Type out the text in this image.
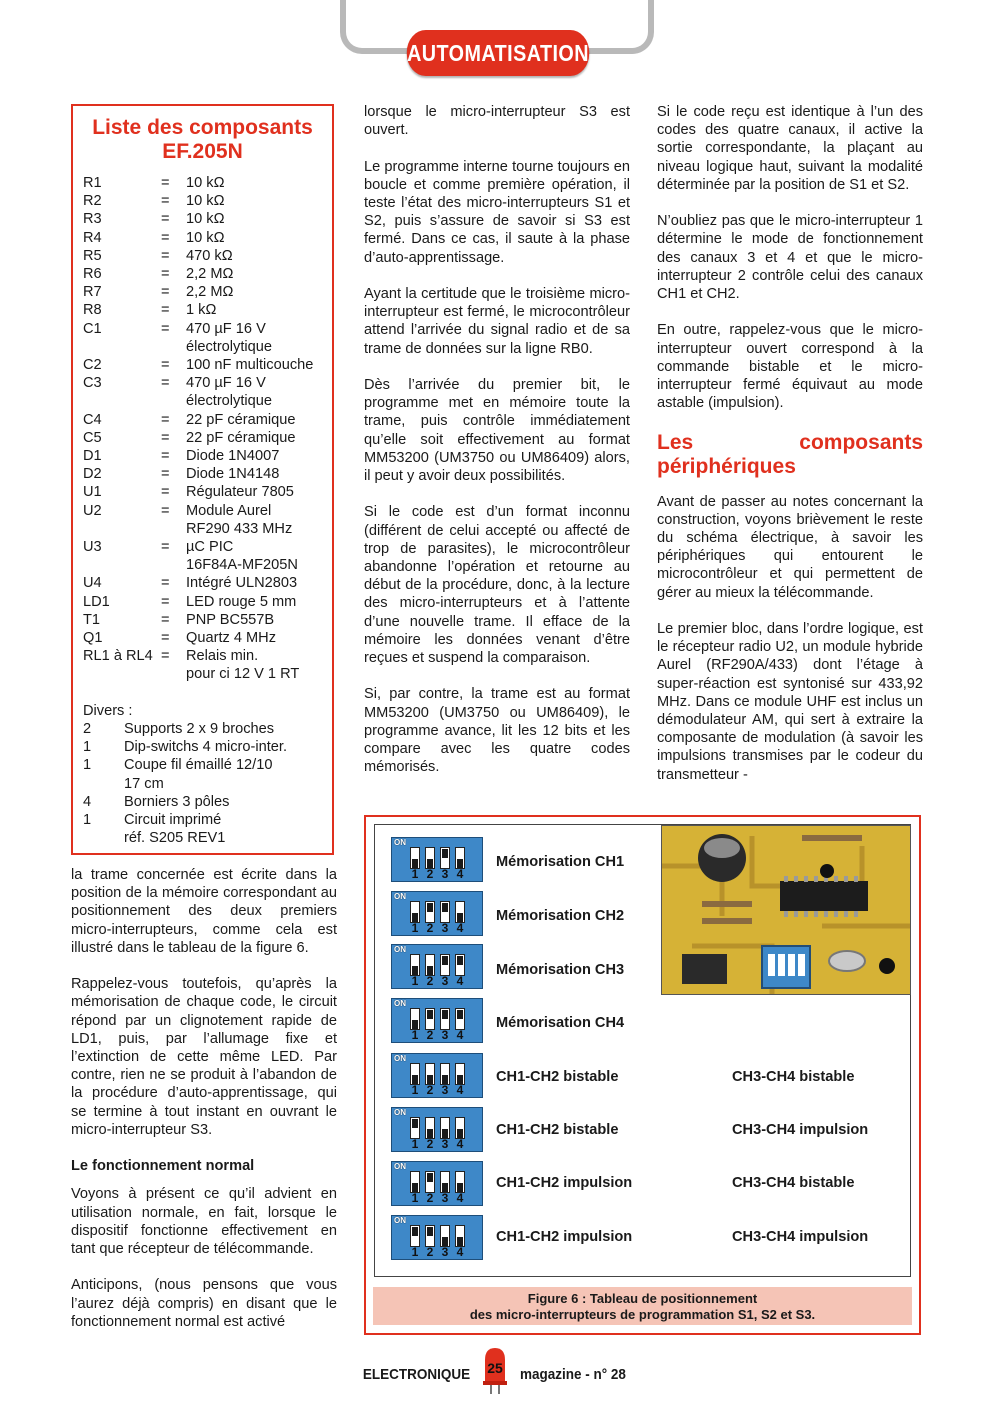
AUTOMATISATION
Liste des composants EF.205N
R1	=	10 kΩ
R2	=	10 kΩ
R3	=	10 kΩ
R4	=	10 kΩ
R5	=	470 kΩ
R6	=	2,2 MΩ
R7	=	2,2 MΩ
R8	=	1 kΩ
C1	=	470 µF 16 V
électrolytique
C2	=	100 nF multicouche
C3	=	470 µF 16 V
électrolytique
C4	=	22 pF céramique
C5	=	22 pF céramique
D1	=	Diode 1N4007
D2	=	Diode 1N4148
U1	=	Régulateur 7805
U2	=	Module Aurel
RF290 433 MHz
U3	=	µC PIC
16F84A-MF205N
U4	=	Intégré ULN2803
LD1	=	LED rouge 5 mm
T1	=	PNP BC557B
Q1	=	Quartz 4 MHz
RL1 à RL4 =	Relais min.
pour ci 12 V 1 RT
Divers :
2	Supports 2 x 9 broches
1	Dip-switchs 4 micro-inter.
1	Coupe fil émaillé 12/10
17 cm
4	Borniers 3 pôles
1	Circuit imprimé
réf. S205 REV1

la trame concernée est écrite dans la position de la mémoire correspondant au positionnement des deux premiers micro-interrupteurs, comme cela est illustré dans le tableau de la figure 6.

Rappelez-vous toutefois, qu’après la mémorisation de chaque code, le circuit répond par un clignotement rapide de LD1, puis, par l’allumage fixe et l’extinction de cette même LED. Par contre, rien ne se produit à l’abandon de la procédure d’auto-apprentissage, qui se termine à tout instant en ouvrant le micro-interrupteur S3.

Le fonctionnement normal

Voyons à présent ce qu’il advient en utilisation normale, en fait, lorsque le dispositif fonctionne effectivement en tant que récepteur de télécommande.

Anticipons, (nous pensons que vous l’aurez déjà compris) en disant que le fonctionnement normal est activé

lorsque le micro-interrupteur S3 est ouvert.

Le programme interne tourne toujours en boucle et comme première opération, il teste l’état des micro-interrupteurs S1 et S2, puis s’assure de savoir si S3 est fermé. Dans ce cas, il saute à la phase d’auto-apprentissage.

Ayant la certitude que le troisième micro-interrupteur est fermé, le microcontrôleur attend l’arrivée du signal radio et de sa trame de données sur la ligne RB0.

Dès l’arrivée du premier bit, le programme met en mémoire toute la trame, puis contrôle immédiatement qu’elle soit effectivement au format MM53200 (UM3750 ou UM86409) alors, il peut y avoir deux possibilités.

Si le code est d’un format inconnu (différent de celui accepté ou affecté de trop de parasites), le microcontrôleur abandonne l’opération et retourne au début de la procédure, donc, à la lecture des micro-interrupteurs et à l’attente d’une nouvelle trame. Il efface de la mémoire les données venant d’être reçues et suspend la comparaison.

Si, par contre, la trame est au format MM53200 (UM3750 ou UM86409), le programme avance, lit les 12 bits et les compare avec les quatre codes mémorisés.

Si le code reçu est identique à l’un des codes des quatre canaux, il active la sortie correspondante, la plaçant au niveau logique haut, suivant la modalité déterminée par la position de S1 et S2.

N’oubliez pas que le micro-interrupteur 1 détermine le mode de fonctionnement des canaux 3 et 4 et que le micro-interrupteur 2 contrôle celui des canaux CH1 et CH2.

En outre, rappelez-vous que le micro-interrupteur ouvert correspond à la commande bistable et le micro-interrupteur fermé équivaut au mode astable (impulsion).

Les composants périphériques

Avant de passer au notes concernant la construction, voyons brièvement le reste du schéma électrique, à savoir les périphériques qui entourent le microcontrôleur et qui permettent de gérer au mieux la télécommande.

Le premier bloc, dans l’ordre logique, est le récepteur radio U2, un module hybride Aurel (RF290A/433) dont l’étage à super-réaction est syntonisé sur 433,92 MHz. Dans ce module UHF est inclus un démodulateur AM, qui sert à extraire la composante de modulation (à savoir les impulsions transmises par le codeur du transmetteur -

ON
1 2 3 4
Mémorisation CH1
ON
1 2 3 4
Mémorisation CH2
ON
1 2 3 4
Mémorisation CH3
ON
1 2 3 4
Mémorisation CH4
ON
1 2 3 4
CH1-CH2 bistable	CH3-CH4 bistable
ON
1 2 3 4
CH1-CH2 bistable	CH3-CH4 impulsion
ON
1 2 3 4
CH1-CH2 impulsion	CH3-CH4 bistable
ON
1 2 3 4
CH1-CH2 impulsion	CH3-CH4 impulsion
Figure 6 : Tableau de positionnement
des micro-interrupteurs de programmation S1, S2 et S3.
ELECTRONIQUE 25 magazine - n° 28
